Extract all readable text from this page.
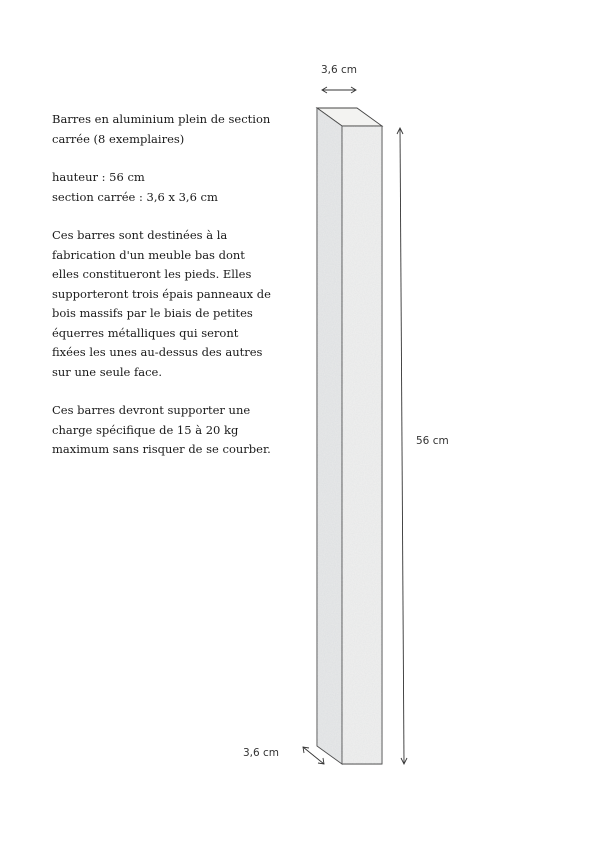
Barres en aluminium plein de section
carrée (8 exemplaires)

hauteur : 56 cm
section carrée : 3,6 x 3,6 cm

Ces barres sont destinées à la
fabrication d'un meuble bas dont
elles constitueront les pieds. Elles
supporteront trois épais panneaux de
bois massifs par le biais de petites
équerres métalliques qui seront
fixées les unes au-dessus des autres
sur une seule face.

Ces barres devront supporter une
charge spécifique de 15 à 20 kg
maximum sans risquer de se courber.

3,6 cm
56 cm
3,6 cm
